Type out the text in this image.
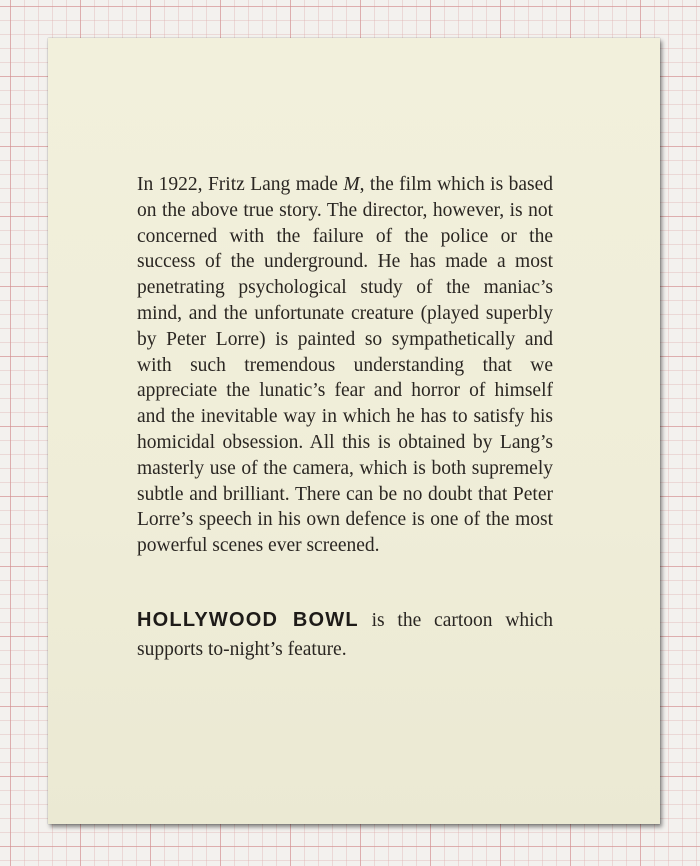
In 1922, Fritz Lang made M, the film which is based on the above true story. The director, however, is not concerned with the failure of the police or the success of the underground. He has made a most penetrating psychological study of the maniac’s mind, and the unfortunate creature (played superbly by Peter Lorre) is painted so sympathetically and with such tremendous understanding that we appreciate the lunatic’s fear and horror of himself and the inevitable way in which he has to satisfy his homicidal obsession. All this is obtained by Lang’s masterly use of the camera, which is both supremely subtle and brilliant. There can be no doubt that Peter Lorre’s speech in his own defence is one of the most powerful scenes ever screened.

HOLLYWOOD BOWL is the cartoon which supports to-night’s feature.
